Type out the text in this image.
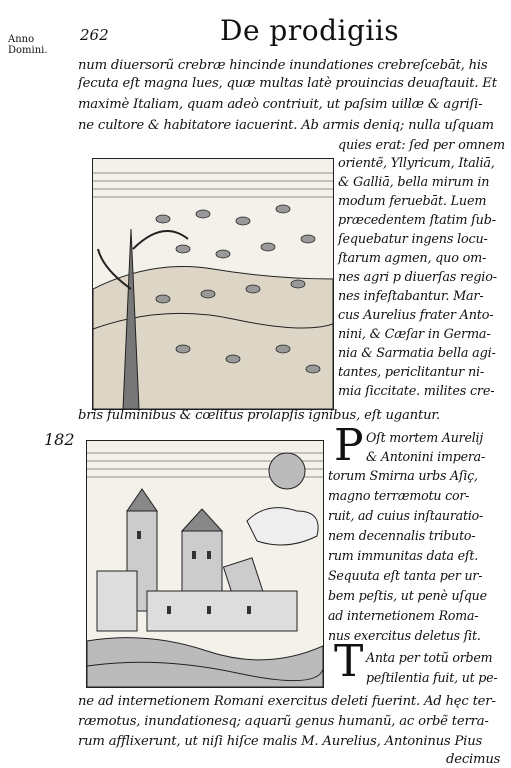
Anno Domini.
262	De prodigiis
num diuersorũ crebræ hincinde inundationes crebreſcebāt, his
ſecuta eſt magna lues, quæ multas latè prouincias deuaſtauit. Et
maximè Italiam, quam adeò contriuit, ut paſsim uillæ & agriſi-
ne cultore & habitatore iacuerint. Ab armis deniq; nulla uſquam
quies erat: ſed per omnem
orientẽ, Yllyricum, Italiā,
& Galliā, bella mirum in
modum feruebāt. Luem
præcedentem ſtatim ſub-
ſequebatur ingens locu-
ſtarum agmen, quo om-
nes agri p diuerſas regio-
nes infeſtabantur. Mar-
cus Aurelius frater Anto-
nini, & Cæſar in Germa-
nia & Sarmatia bella agi-
tantes, periclitantur ni-
mia ſiccitate. milites cre-
bris fulminibus & cœlitus prolapſis ignibus, eſt ugantur.
182	P Oſt mortem Aurelij
& Antonini impera-
torum Smirna urbs Aſiç,
magno terræmotu cor-
ruit, ad cuius inſtauratio-
nem decennalis tributo-
rum immunitas data eſt.
Sequuta eſt tanta per ur-
bem peſtis, ut penè uſque
ad internetionem Roma-
nus exercitus deletus ſit.
T Anta per totũ orbem
peſtilentia fuit, ut pe-
ne ad internetionem Romani exercitus deleti fuerint. Ad hęc ter-
ræmotus, inundationesq; aquarũ genus humanũ, ac orbẽ terra-
rum afflixerunt, ut niſi hiſce malis M. Aurelius, Antoninus Pius
decimus
